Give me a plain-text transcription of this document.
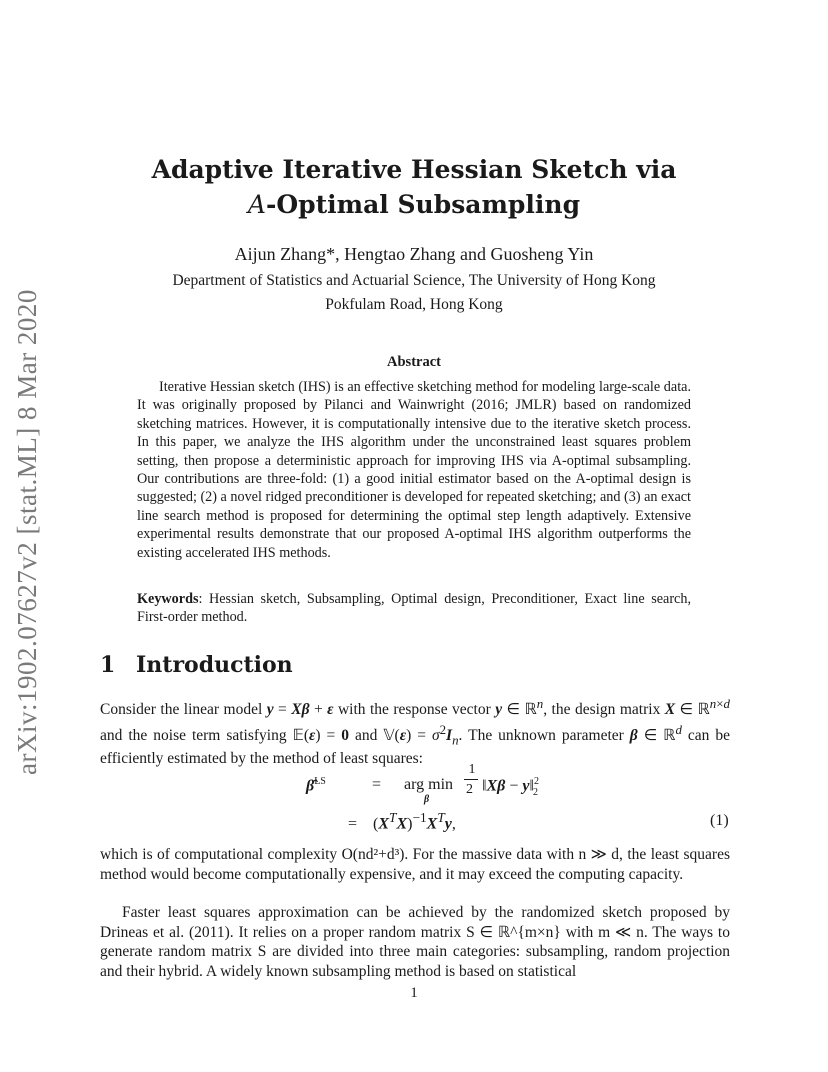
arXiv:1902.07627v2 [stat.ML] 8 Mar 2020
Adaptive Iterative Hessian Sketch via
A-Optimal Subsampling
Aijun Zhang*, Hengtao Zhang and Guosheng Yin
Department of Statistics and Actuarial Science, The University of Hong Kong
Pokfulam Road, Hong Kong
Abstract

Iterative Hessian sketch (IHS) is an effective sketching method for modeling large-scale data. It was originally proposed by Pilanci and Wainwright (2016; JMLR) based on randomized sketching matrices. However, it is computationally intensive due to the iterative sketch process. In this paper, we analyze the IHS algorithm under the unconstrained least squares problem setting, then propose a deterministic approach for improving IHS via A-optimal subsampling. Our contributions are three-fold: (1) a good initial estimator based on the A-optimal design is suggested; (2) a novel ridged preconditioner is developed for repeated sketching; and (3) an exact line search method is proposed for determining the optimal step length adaptively. Extensive experimental results demonstrate that our proposed A-optimal IHS algorithm outperforms the existing accelerated IHS methods.

Keywords: Hessian sketch, Subsampling, Optimal design, Preconditioner, Exact line search, First-order method.
1 Introduction

Consider the linear model y = Xβ + ε with the response vector y ∈ ℝ$^n$, the design matrix X ∈ ℝ$^{n\times d}$ and the noise term satisfying 𝔼(ε) = 0 and 𝕍(ε) = $\sigma^2I_n$. The unknown parameter β ∈ ℝ$^d$ can be efficiently estimated by the method of least squares:

β̂$^{LS}$	= arg min
β
1
2 ‖Xβ − y‖$^2_2$
=    $(X^TX)^{-1}X^Ty$,	(1)

which is of computational complexity O(nd²+d³). For the massive data with n ≫ d, the least squares method would become computationally expensive, and it may exceed the computing capacity.

Faster least squares approximation can be achieved by the randomized sketch proposed by Drineas et al. (2011). It relies on a proper random matrix S ∈ ℝ^{m×n} with m ≪ n. The ways to generate random matrix S are divided into three main categories: subsampling, random projection and their hybrid. A widely known subsampling method is based on statistical

1
